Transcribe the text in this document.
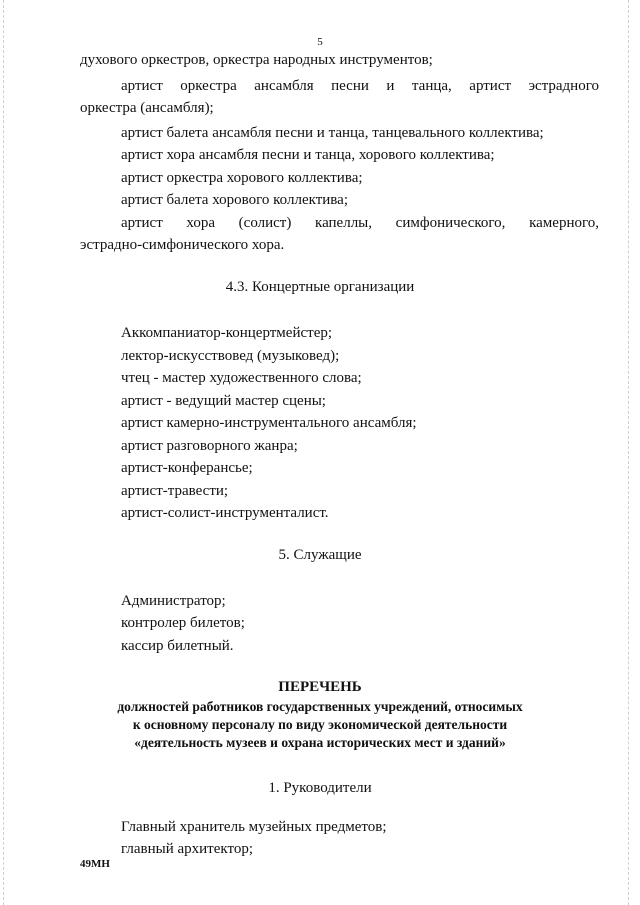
5
духового оркестров, оркестра народных инструментов;
артист оркестра ансамбля песни и танца, артист эстрадного
оркестра (ансамбля);
артист балета ансамбля песни и танца, танцевального коллектива;
артист хора ансамбля песни и танца, хорового коллектива;
артист оркестра хорового коллектива;
артист балета хорового коллектива;
артист хора (солист) капеллы, симфонического, камерного,
эстрадно-симфонического хора.
4.3. Концертные организации
Аккомпаниатор-концертмейстер;
лектор-искусствовед (музыковед);
чтец - мастер художественного слова;
артист - ведущий мастер сцены;
артист камерно-инструментального ансамбля;
артист разговорного жанра;
артист-конферансье;
артист-травести;
артист-солист-инструменталист.
5. Служащие
Администратор;
контролер билетов;
кассир билетный.
ПЕРЕЧЕНЬ
должностей работников государственных учреждений, относимых
к основному персоналу по виду экономической деятельности
«деятельность музеев и охрана исторических мест и зданий»
1. Руководители
Главный хранитель музейных предметов;
главный архитектор;
49МН
